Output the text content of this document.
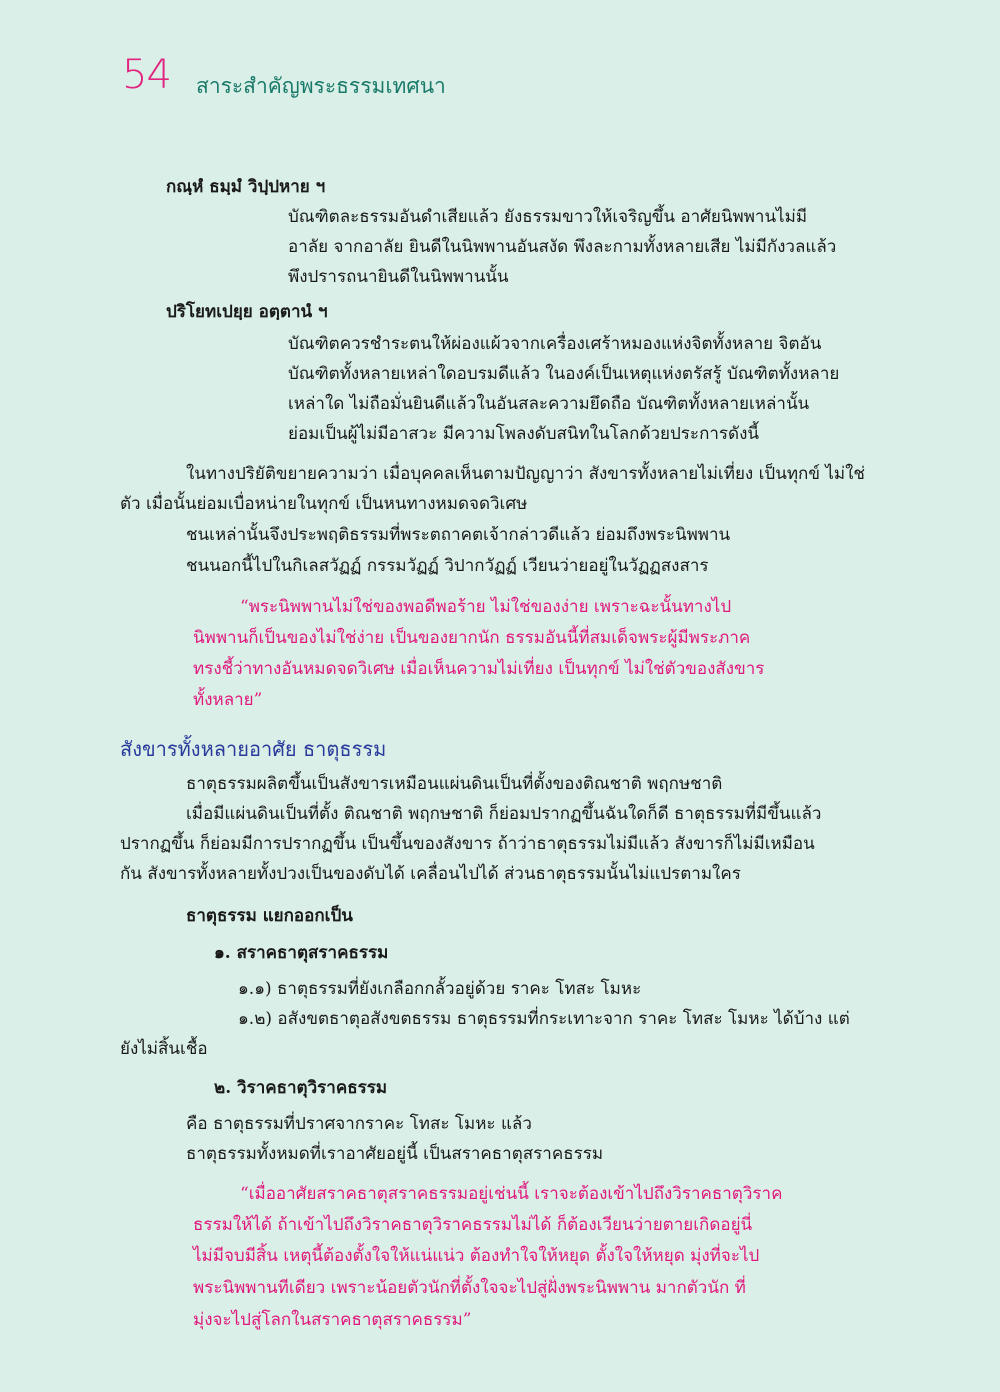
54 สาระสำคัญพระธรรมเทศนา
กณฺหํ ธมฺมํ วิปฺปหาย ฯ
บัณฑิตละธรรมอันดำเสียแล้ว ยังธรรมขาวให้เจริญขึ้น อาศัยนิพพานไม่มี
อาลัย จากอาลัย ยินดีในนิพพานอันสงัด พึงละกามทั้งหลายเสีย ไม่มีกังวลแล้ว
พึงปรารถนายินดีในนิพพานนั้น
ปริโยทเปยฺย อตฺตานํ ฯ
บัณฑิตควรชำระตนให้ผ่องแผ้วจากเครื่องเศร้าหมองแห่งจิตทั้งหลาย จิตอัน
บัณฑิตทั้งหลายเหล่าใดอบรมดีแล้ว ในองค์เป็นเหตุแห่งตรัสรู้ บัณฑิตทั้งหลาย
เหล่าใด ไม่ถือมั่นยินดีแล้วในอันสละความยึดถือ บัณฑิตทั้งหลายเหล่านั้น
ย่อมเป็นผู้ไม่มีอาสวะ มีความโพลงดับสนิทในโลกด้วยประการดังนี้
ในทางปริยัติขยายความว่า เมื่อบุคคลเห็นตามปัญญาว่า สังขารทั้งหลายไม่เที่ยง เป็นทุกข์ ไม่ใช่
ตัว เมื่อนั้นย่อมเบื่อหน่ายในทุกข์ เป็นหนทางหมดจดวิเศษ
ชนเหล่านั้นจึงประพฤติธรรมที่พระตถาคตเจ้ากล่าวดีแล้ว ย่อมถึงพระนิพพาน
ชนนอกนี้ไปในกิเลสวัฏฏ์ กรรมวัฏฏ์ วิปากวัฏฏ์ เวียนว่ายอยู่ในวัฏฏสงสาร
“พระนิพพานไม่ใช่ของพอดีพอร้าย ไม่ใช่ของง่าย เพราะฉะนั้นทางไป
นิพพานก็เป็นของไม่ใช่ง่าย เป็นของยากนัก ธรรมอันนี้ที่สมเด็จพระผู้มีพระภาค
ทรงชี้ว่าทางอันหมดจดวิเศษ เมื่อเห็นความไม่เที่ยง เป็นทุกข์ ไม่ใช่ตัวของสังขาร
ทั้งหลาย”
สังขารทั้งหลายอาศัย ธาตุธรรม
ธาตุธรรมผลิตขึ้นเป็นสังขารเหมือนแผ่นดินเป็นที่ตั้งของติณชาติ พฤกษชาติ
เมื่อมีแผ่นดินเป็นที่ตั้ง ติณชาติ พฤกษชาติ ก็ย่อมปรากฏขึ้นฉันใดก็ดี ธาตุธรรมที่มีขึ้นแล้ว
ปรากฏขึ้น ก็ย่อมมีการปรากฏขึ้น เป็นขึ้นของสังขาร ถ้าว่าธาตุธรรมไม่มีแล้ว สังขารก็ไม่มีเหมือน
กัน สังขารทั้งหลายทั้งปวงเป็นของดับได้ เคลื่อนไปได้ ส่วนธาตุธรรมนั้นไม่แปรตามใคร
ธาตุธรรม แยกออกเป็น
๑. สราคธาตุสราคธรรม
๑.๑) ธาตุธรรมที่ยังเกลือกกลั้วอยู่ด้วย ราคะ โทสะ โมหะ
๑.๒) อสังขตธาตุอสังขตธรรม ธาตุธรรมที่กระเทาะจาก ราคะ โทสะ โมหะ ได้บ้าง แต่
ยังไม่สิ้นเชื้อ
๒. วิราคธาตุวิราคธรรม
คือ ธาตุธรรมที่ปราศจากราคะ โทสะ โมหะ แล้ว
ธาตุธรรมทั้งหมดที่เราอาศัยอยู่นี้ เป็นสราคธาตุสราคธรรม
“เมื่ออาศัยสราคธาตุสราคธรรมอยู่เช่นนี้ เราจะต้องเข้าไปถึงวิราคธาตุวิราค
ธรรมให้ได้ ถ้าเข้าไปถึงวิราคธาตุวิราคธรรมไม่ได้ ก็ต้องเวียนว่ายตายเกิดอยู่นี่
ไม่มีจบมีสิ้น เหตุนี้ต้องตั้งใจให้แน่แน่ว ต้องทำใจให้หยุด ตั้งใจให้หยุด มุ่งที่จะไป
พระนิพพานทีเดียว เพราะน้อยตัวนักที่ตั้งใจจะไปสู่ฝั่งพระนิพพาน มากตัวนัก ที่
มุ่งจะไปสู่โลกในสราคธาตุสราคธรรม”
